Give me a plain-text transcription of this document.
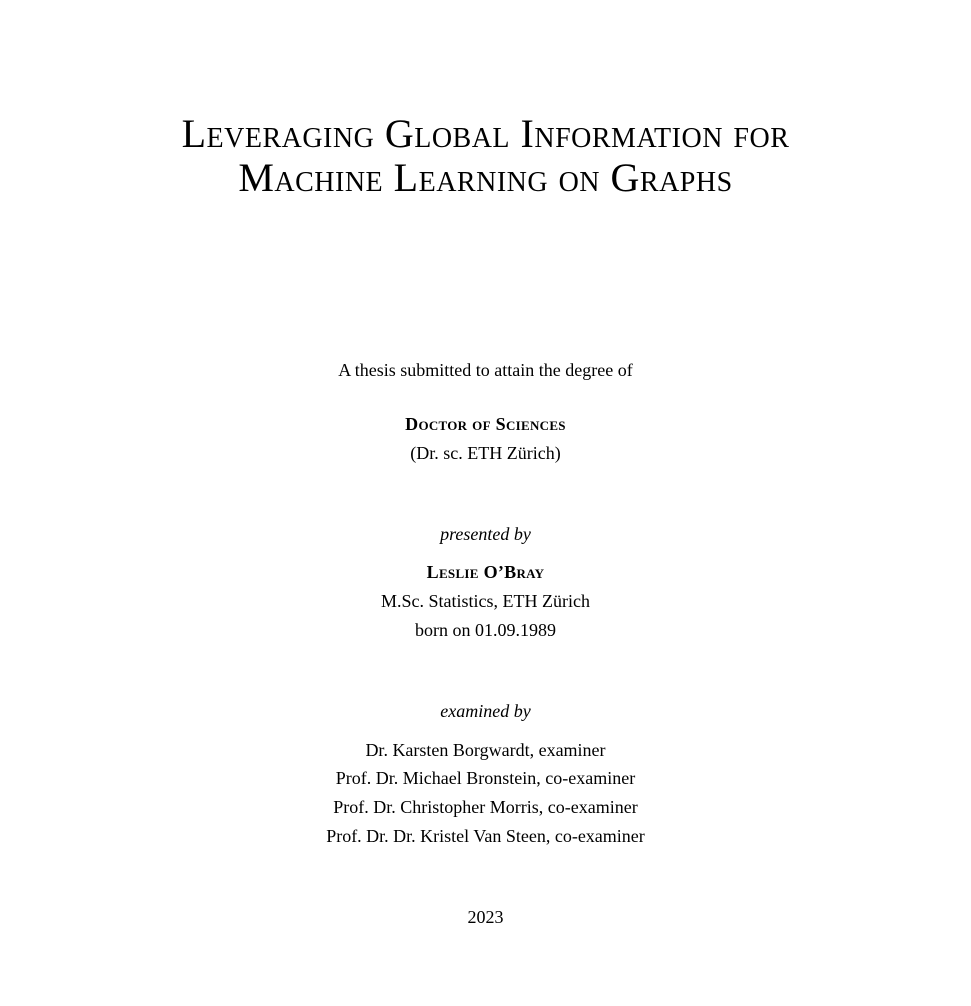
Leveraging Global Information for
Machine Learning on Graphs
A thesis submitted to attain the degree of
Doctor of Sciences
(Dr. sc. ETH Zürich)
presented by
Leslie O’Bray
M.Sc. Statistics, ETH Zürich
born on 01.09.1989
examined by
Dr. Karsten Borgwardt, examiner
Prof. Dr. Michael Bronstein, co-examiner
Prof. Dr. Christopher Morris, co-examiner
Prof. Dr. Dr. Kristel Van Steen, co-examiner
2023
